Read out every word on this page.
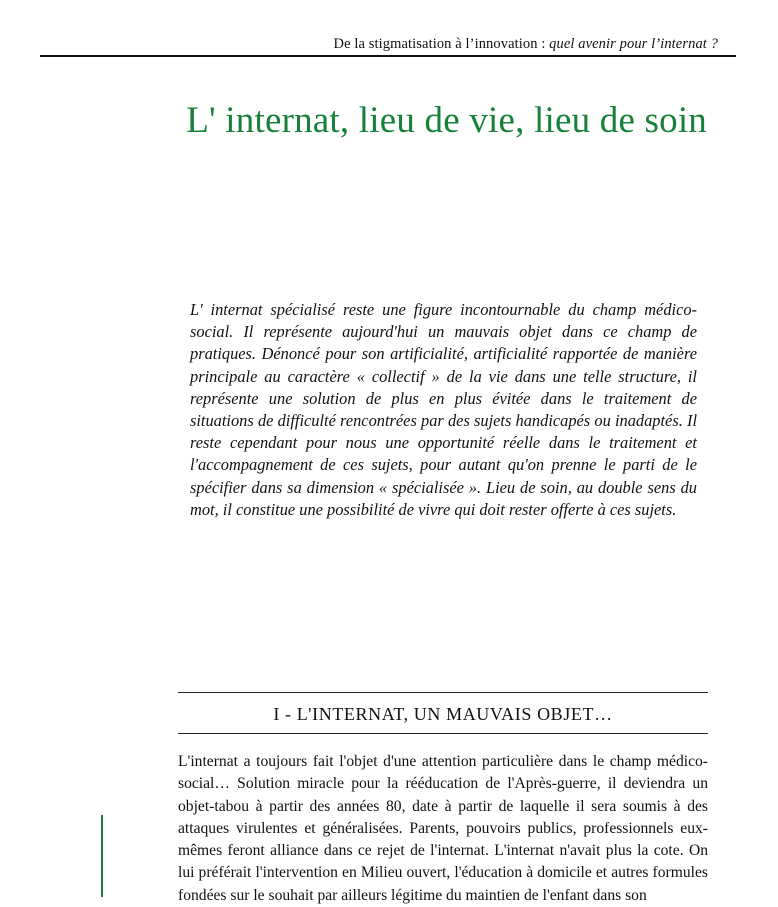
De la stigmatisation à l’innovation : quel avenir pour l’internat ?
L' internat, lieu de vie, lieu de soin

L' internat spécialisé reste une figure incontournable du champ médico-social. Il représente aujourd'hui un mauvais objet dans ce champ de pratiques. Dénoncé pour son artificialité, artificialité rapportée de manière principale au caractère « collectif » de la vie dans une telle structure, il représente une solution de plus en plus évitée dans le traitement de situations de difficulté rencontrées par des sujets handicapés ou inadaptés. Il reste cependant pour nous une opportunité réelle dans le traitement et l'accompagnement de ces sujets, pour autant qu'on prenne le parti de le spécifier dans sa dimension « spécialisée ». Lieu de soin, au double sens du mot, il constitue une possibilité de vivre qui doit rester offerte à ces sujets.

I - L'INTERNAT, UN MAUVAIS OBJET…

L'internat a toujours fait l'objet d'une attention particulière dans le champ médico-social… Solution miracle pour la rééducation de l'Après-guerre, il deviendra un objet-tabou à partir des années 80, date à partir de laquelle il sera soumis à des attaques virulentes et généralisées. Parents, pouvoirs publics, professionnels eux-mêmes feront alliance dans ce rejet de l'internat. L'internat n'avait plus la cote. On lui préférait l'intervention en Milieu ouvert, l'éducation à domicile et autres formules fondées sur le souhait par ailleurs légitime du maintien de l'enfant dans son
